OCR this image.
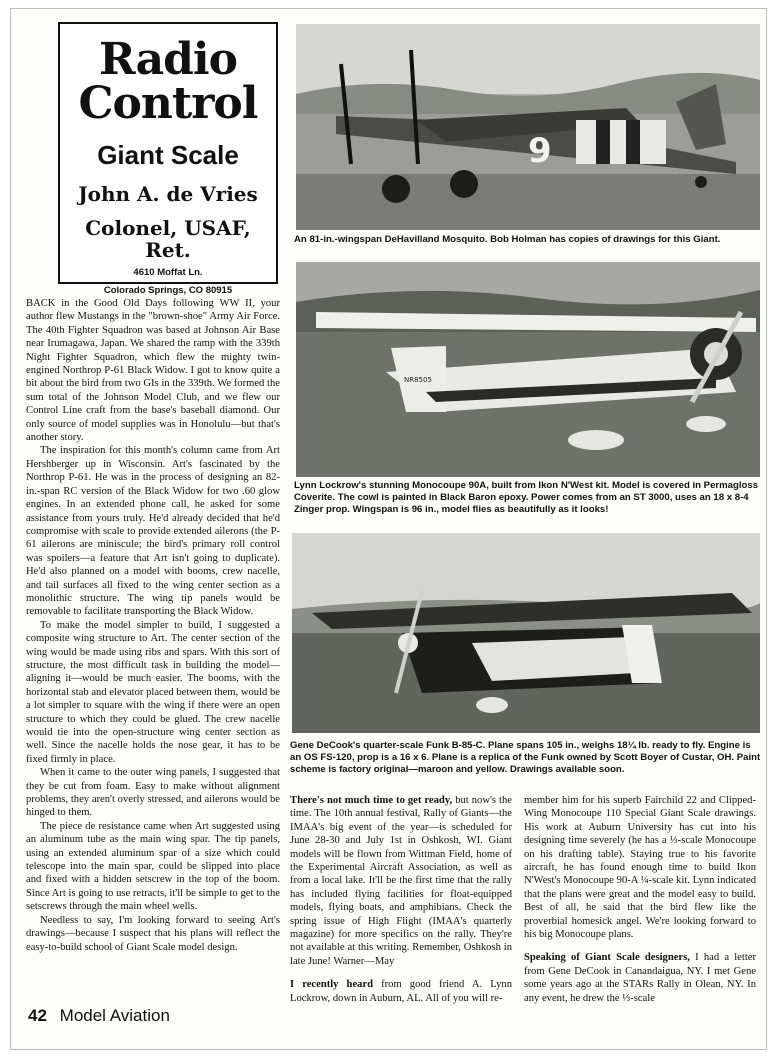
Radio
Control
Giant Scale
John A. de Vries
Colonel, USAF, Ret.
4610 Moffat Ln.
Colorado Springs, CO 80915
9
An 81-in.-wingspan DeHavilland Mosquito. Bob Holman has copies of drawings for this Giant.
NR8505
Lynn Lockrow's stunning Monocoupe 90A, built from Ikon N'West kit. Model is covered in Permagloss Coverite. The cowl is painted in Black Baron epoxy. Power comes from an ST 3000, uses an 18 x 8-4 Zinger prop. Wingspan is 96 in., model flies as beautifully as it looks!
Gene DeCook's quarter-scale Funk B-85-C. Plane spans 105 in., weighs 18¼ lb. ready to fly. Engine is an OS FS-120, prop is a 16 x 6. Plane is a replica of the Funk owned by Scott Boyer of Custar, OH. Paint scheme is factory original—maroon and yellow. Drawings available soon.

BACK in the Good Old Days following WW II, your author flew Mustangs in the "brown-shoe" Army Air Force. The 40th Fighter Squadron was based at Johnson Air Base near Irumagawa, Japan. We shared the ramp with the 339th Night Fighter Squadron, which flew the mighty twin-engined Northrop P-61 Black Widow. I got to know quite a bit about the bird from two GIs in the 339th. We formed the sum total of the Johnson Model Club, and we flew our Control Line craft from the base's baseball diamond. Our only source of model supplies was in Honolulu—but that's another story.

The inspiration for this month's column came from Art Hershberger up in Wisconsin. Art's fascinated by the Northrop P-61. He was in the process of designing an 82-in.-span RC version of the Black Widow for two .60 glow engines. In an extended phone call, he asked for some assistance from yours truly. He'd already decided that he'd compromise with scale to provide extended ailerons (the P-61 ailerons are miniscule; the bird's primary roll control was spoilers—a feature that Art isn't going to duplicate). He'd also planned on a model with booms, crew nacelle, and tail surfaces all fixed to the wing center section as a monolithic structure. The wing tip panels would be removable to facilitate transporting the Black Widow.

To make the model simpler to build, I suggested a composite wing structure to Art. The center section of the wing would be made using ribs and spars. With this sort of structure, the most difficult task in building the model—aligning it—would be much easier. The booms, with the horizontal stab and elevator placed between them, would be a lot simpler to square with the wing if there were an open structure to which they could be glued. The crew nacelle would tie into the open-structure wing center section as well. Since the nacelle holds the nose gear, it has to be fixed firmly in place.

When it came to the outer wing panels, I suggested that they be cut from foam. Easy to make without alignment problems, they aren't overly stressed, and ailerons would be hinged to them.

The piece de resistance came when Art suggested using an aluminum tube as the main wing spar. The tip panels, using an extended aluminum spar of a size which could telescope into the main spar, could be slipped into place and fixed with a hidden setscrew in the top of the boom. Since Art is going to use retracts, it'll be simple to get to the setscrews through the main wheel wells.

Needless to say, I'm looking forward to seeing Art's drawings—because I suspect that his plans will reflect the easy-to-build school of Giant Scale model design.

There's not much time to get ready, but now's the time. The 10th annual festival, Rally of Giants—the IMAA's big event of the year—is scheduled for June 28-30 and July 1st in Oshkosh, WI. Giant models will be flown from Wittman Field, home of the Experimental Aircraft Association, as well as from a local lake. It'll be the first time that the rally has included flying facilities for float-equipped models, flying boats, and amphibians. Check the spring issue of High Flight (IMAA's quarterly magazine) for more specifics on the rally. They're not available at this writing. Remember, Oshkosh in late June! Warner—May

I recently heard from good friend A. Lynn Lockrow, down in Auburn, AL. All of you will re-

member him for his superb Fairchild 22 and Clipped-Wing Monocoupe 110 Special Giant Scale drawings. His work at Auburn University has cut into his designing time severely (he has a ⅓-scale Monocoupe on his drafting table). Staying true to his favorite aircraft, he has found enough time to build Ikon N'West's Monocoupe 90-A ¼-scale kit. Lynn indicated that the plans were great and the model easy to build. Best of all, he said that the bird flew like the proverbial homesick angel. We're looking forward to his big Monocoupe plans.

Speaking of Giant Scale designers, I had a letter from Gene DeCook in Canandaigua, NY. I met Gene some years ago at the STARs Rally in Olean, NY. In any event, he drew the ⅓-scale

42 Model Aviation
